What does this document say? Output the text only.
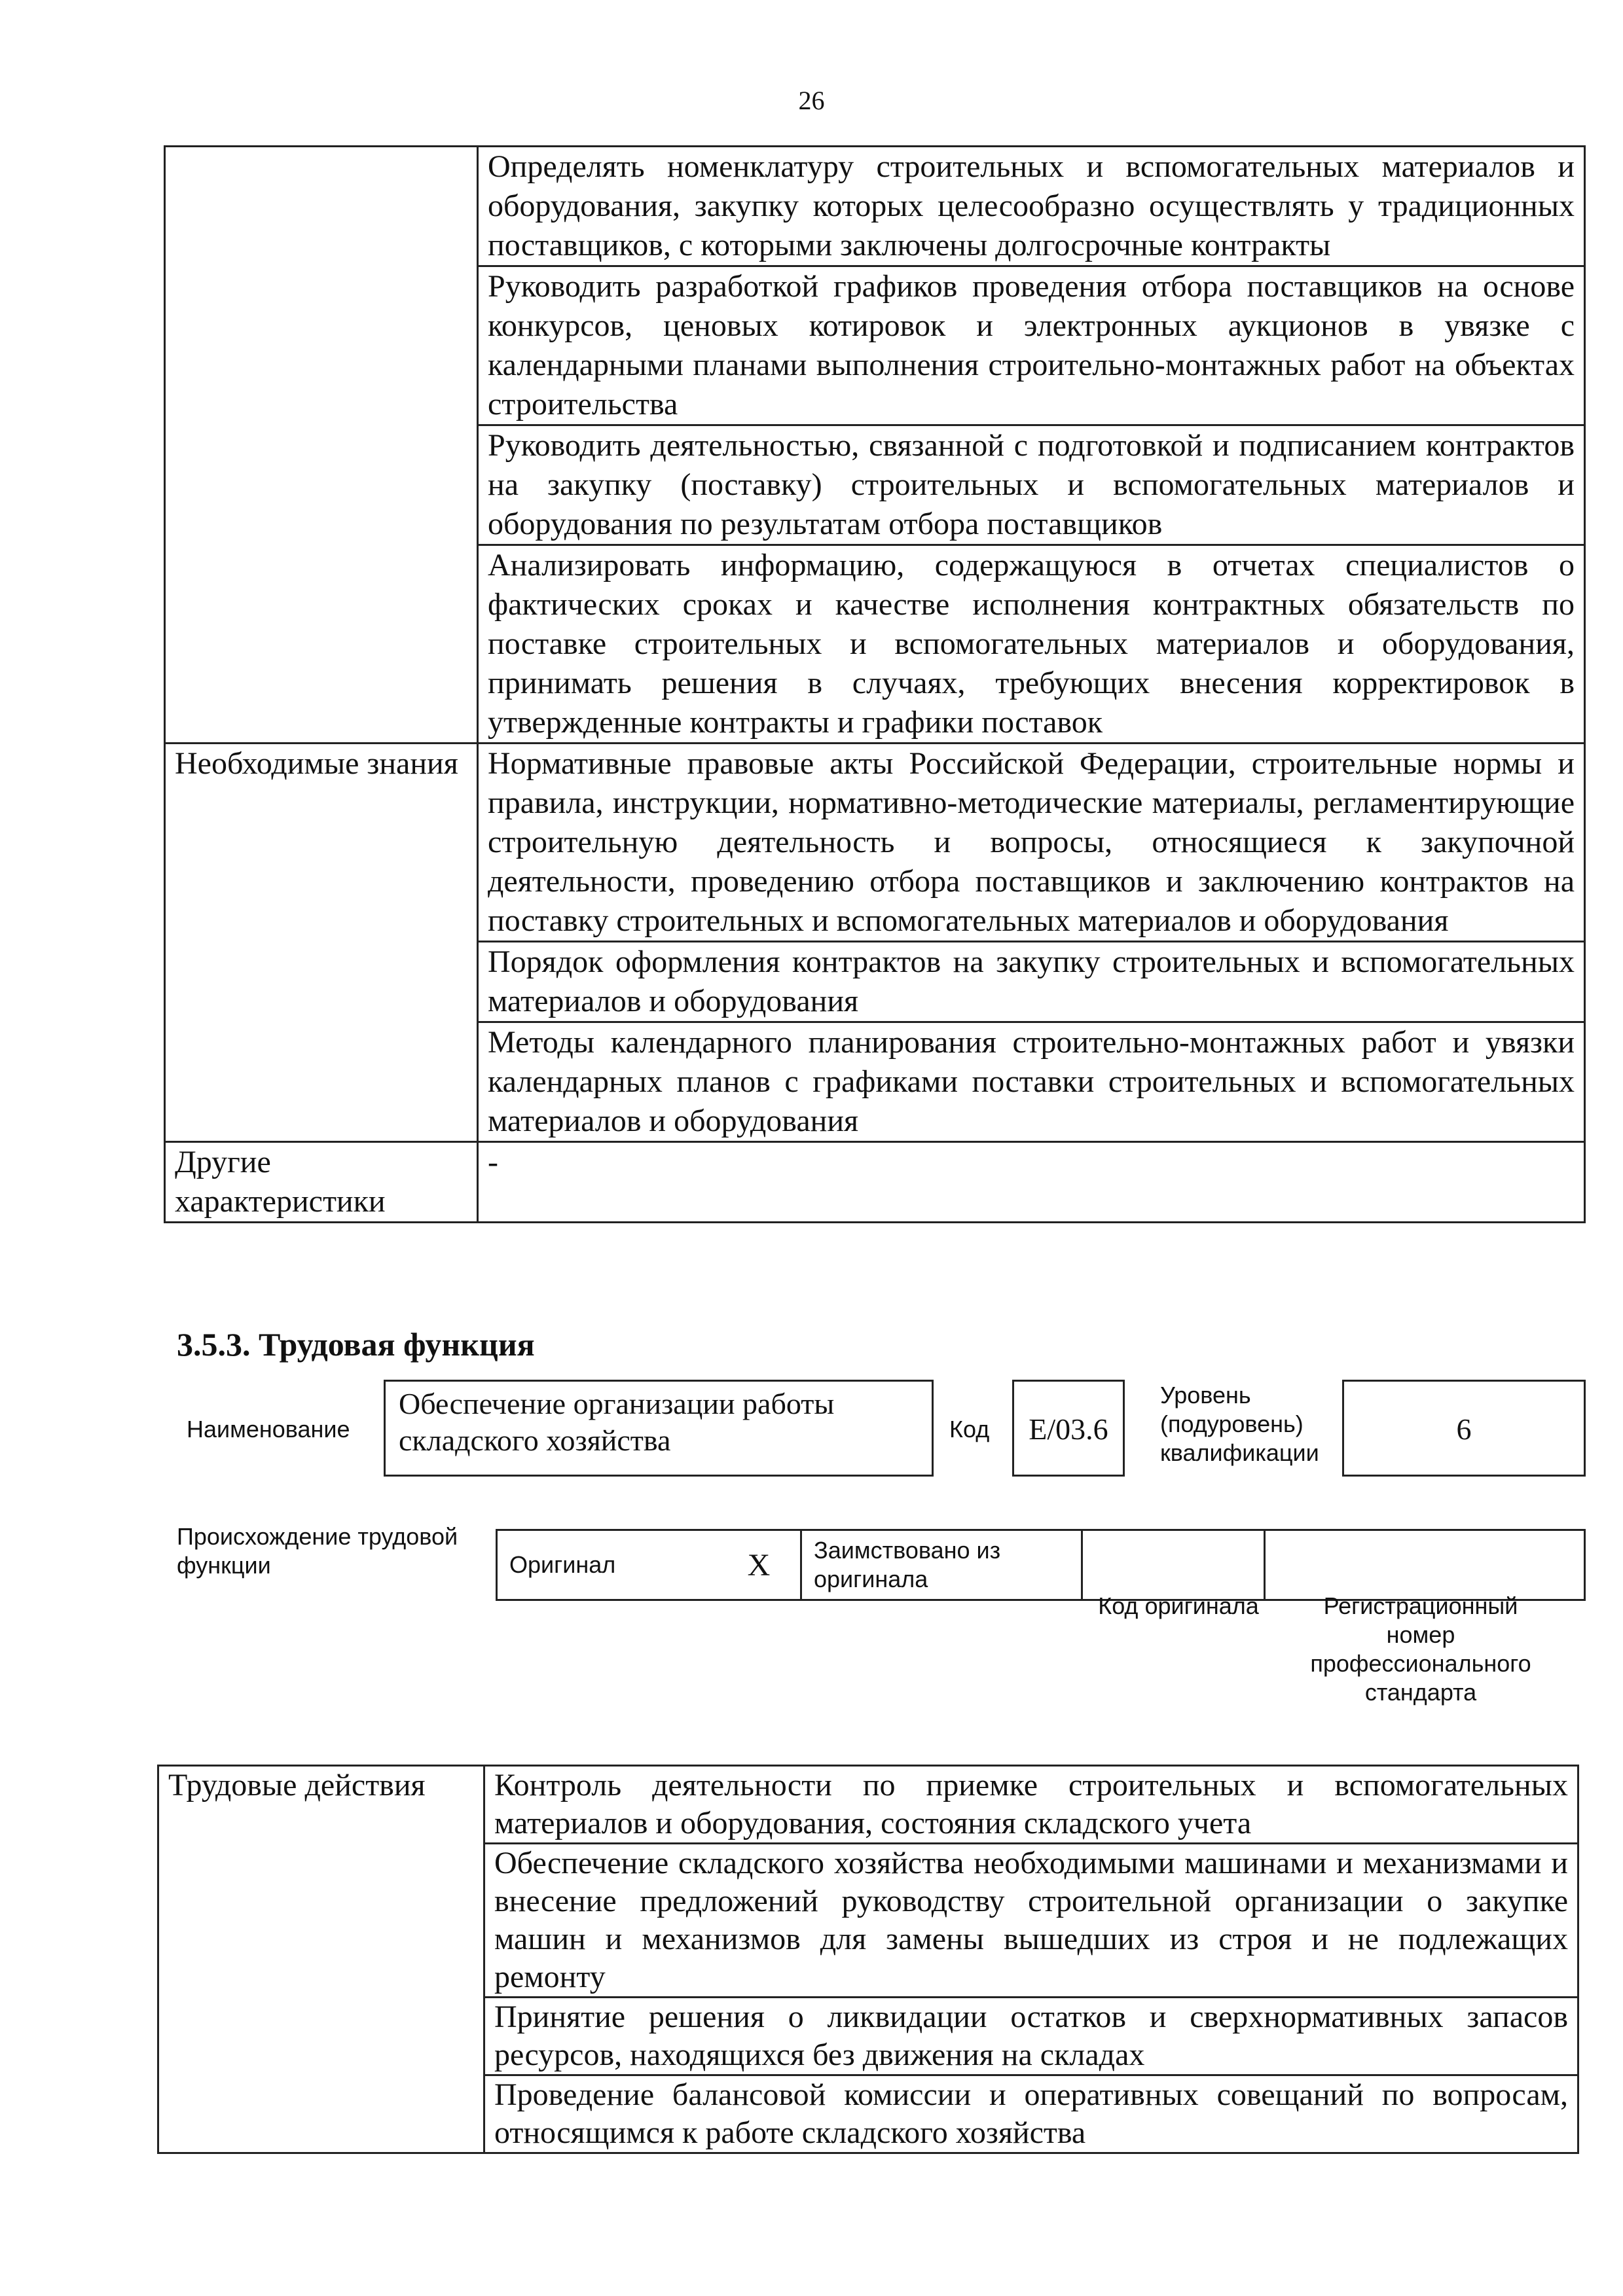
26
	Определять номенклатуру строительных и вспомогательных материалов и оборудования, закупку которых целесообразно осуществлять у традиционных поставщиков, с которыми заключены долгосрочные контракты
	Руководить разработкой графиков проведения отбора поставщиков на основе конкурсов, ценовых котировок и электронных аукционов в увязке с календарными планами выполнения строительно-монтажных работ на объектах строительства
	Руководить деятельностью, связанной с подготовкой и подписанием контрактов на закупку (поставку) строительных и вспомогательных материалов и оборудования по результатам отбора поставщиков
	Анализировать информацию, содержащуюся в отчетах специалистов о фактических сроках и качестве исполнения контрактных обязательств по поставке строительных и вспомогательных материалов и оборудования, принимать решения в случаях, требующих внесения корректировок в утвержденные контракты и графики поставок
Необходимые знания	Нормативные правовые акты Российской Федерации, строительные нормы и правила, инструкции, нормативно-методические материалы, регламентирующие строительную деятельность и вопросы, относящиеся к закупочной деятельности, проведению отбора поставщиков и заключению контрактов на поставку строительных и вспомогательных материалов и оборудования
	Порядок оформления контрактов на закупку строительных и вспомогательных материалов и оборудования
	Методы календарного планирования строительно-монтажных работ и увязки календарных планов с графиками поставки строительных и вспомогательных материалов и оборудования
Другие характеристики	-
3.5.3. Трудовая функция
Наименование
Обеспечение организации работы складского хозяйства	Код	E/03.6
Уровень (подуровень) квалификации
6
Происхождение трудовой функции	Оригинал	X	Заимствовано из оригинала		
Код оригинала	Регистрационный номер профессионального стандарта
Трудовые действия	Контроль деятельности по приемке строительных и вспомогательных материалов и оборудования, состояния складского учета
Обеспечение складского хозяйства необходимыми машинами и механизмами и внесение предложений руководству строительной организации о закупке машин и механизмов для замены вышедших из строя и не подлежащих ремонту
Принятие решения о ликвидации остатков и сверхнормативных запасов ресурсов, находящихся без движения на складах
Проведение балансовой комиссии и оперативных совещаний по вопросам, относящимся к работе складского хозяйства
